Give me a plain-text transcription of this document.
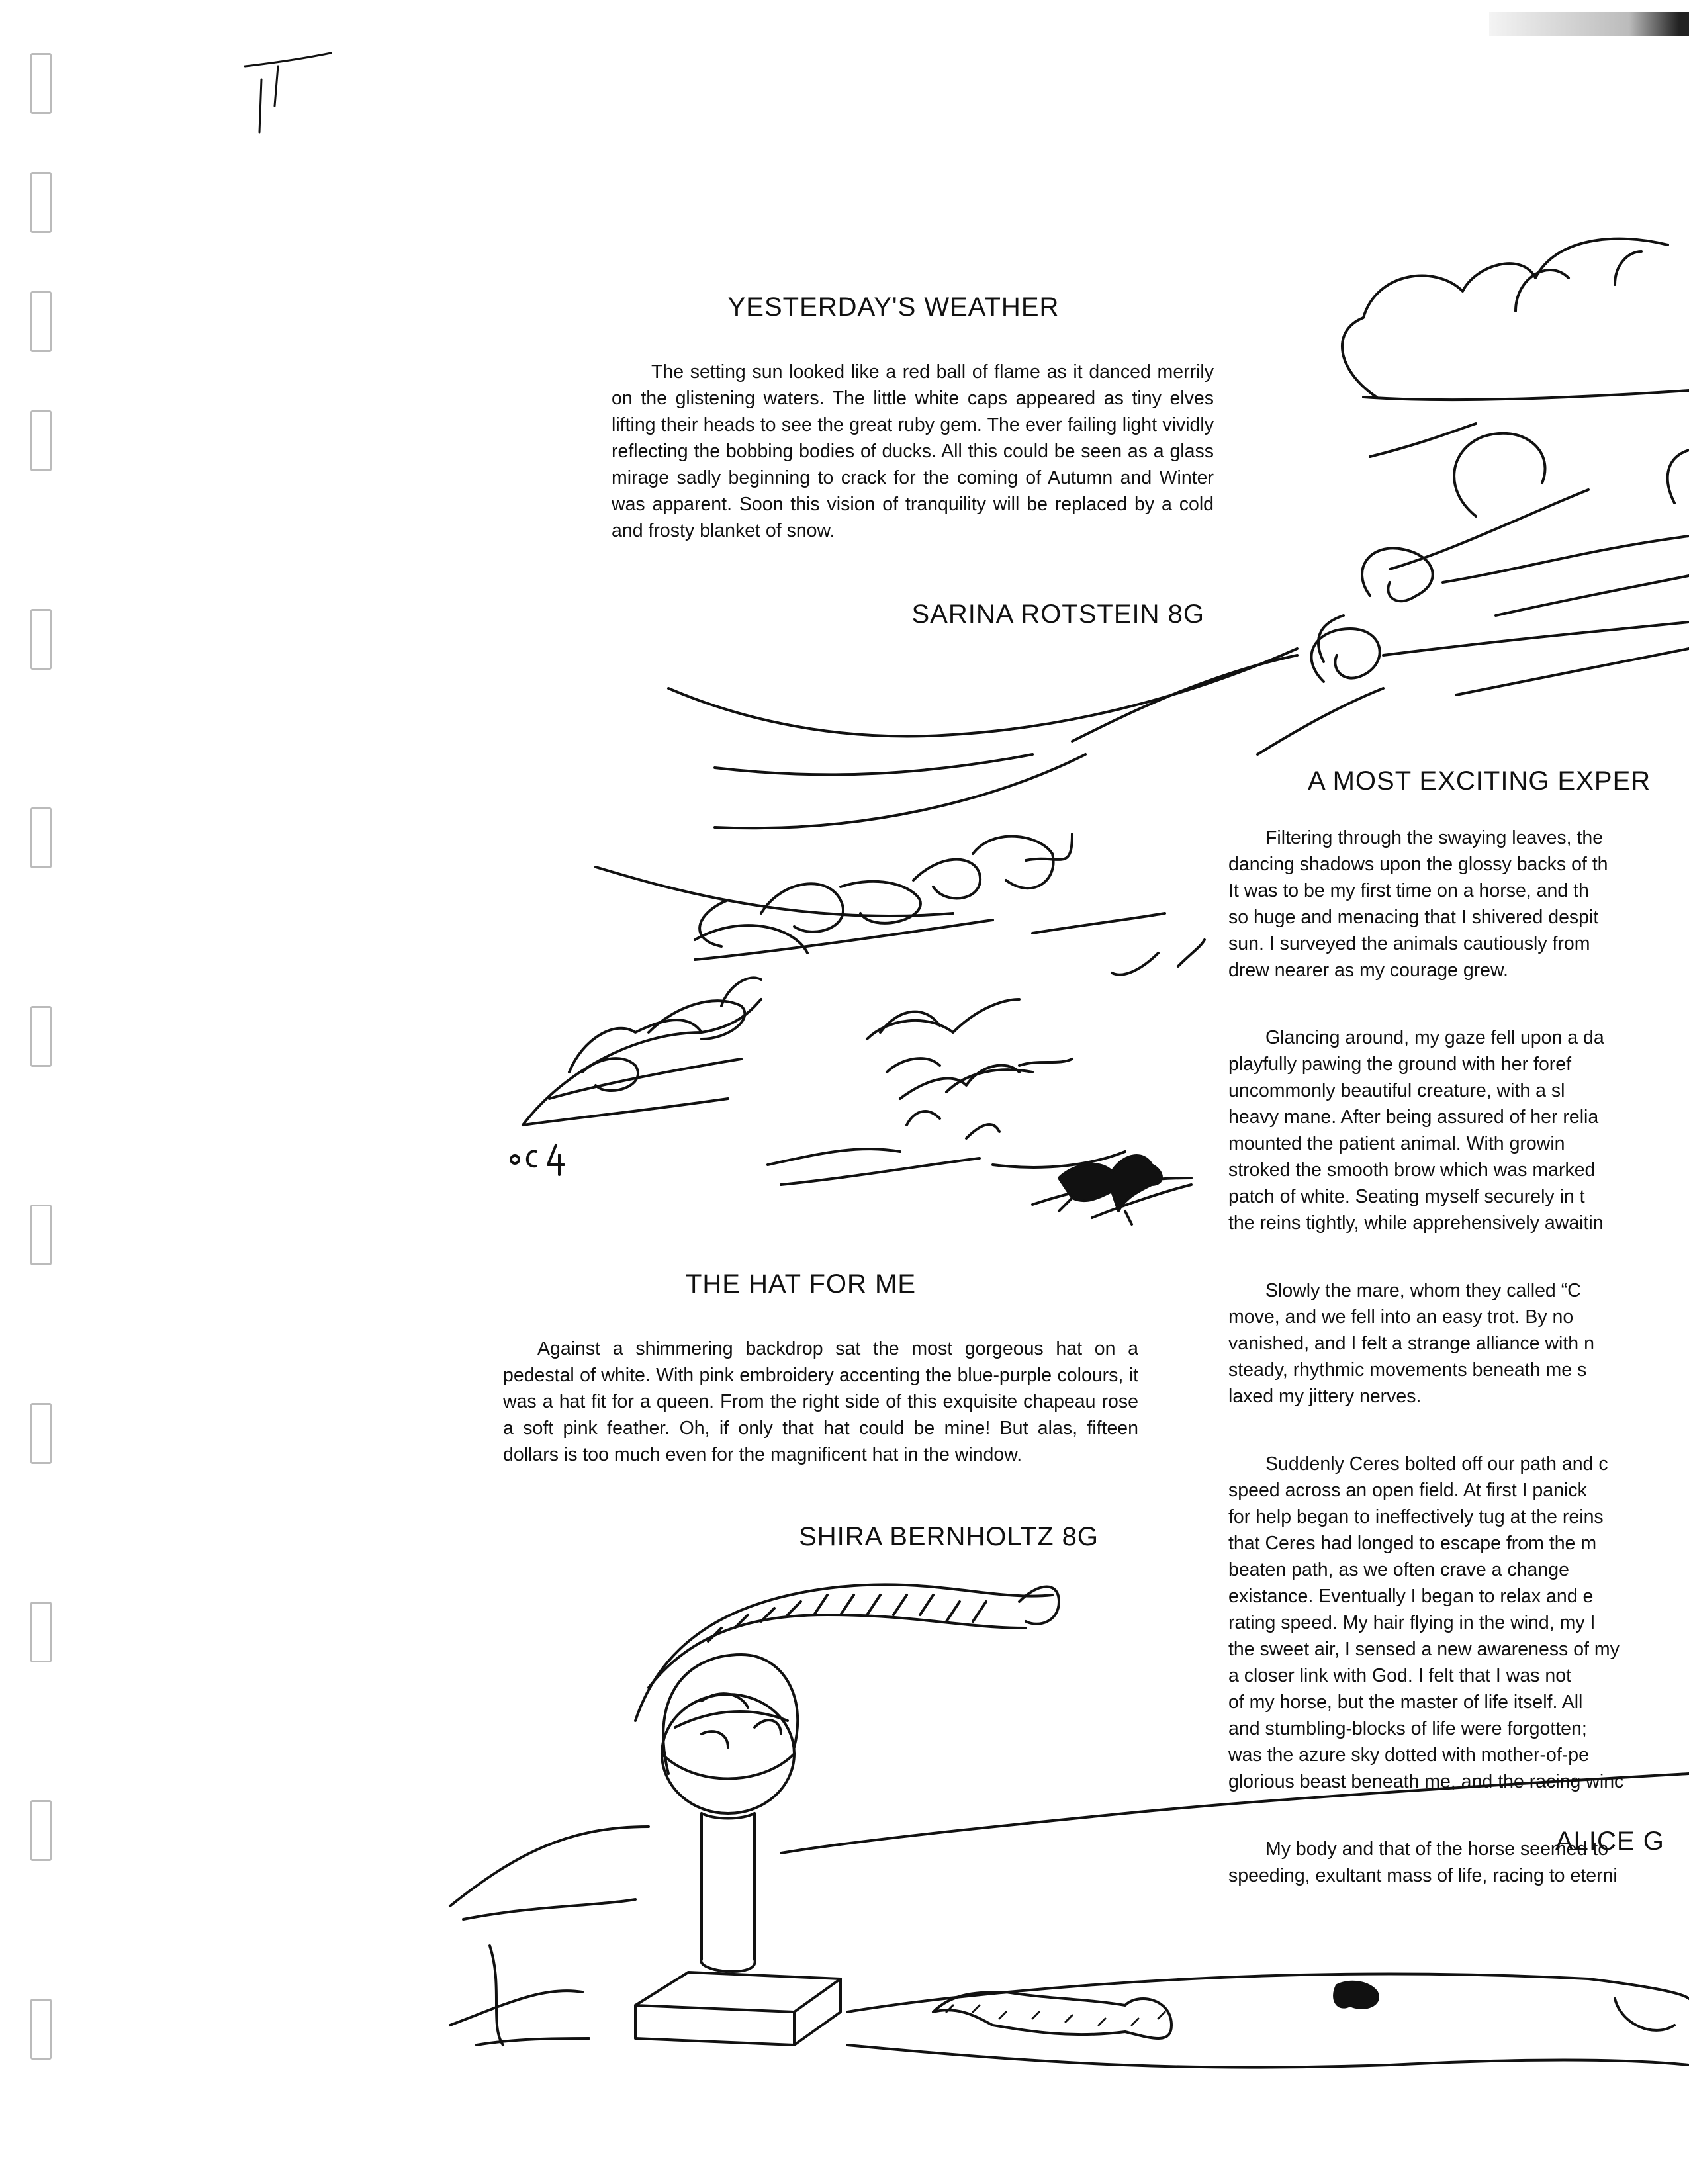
YESTERDAY'S WEATHER

The setting sun looked like a red ball of flame as it danced merrily on the glistening waters. The little white caps appeared as tiny elves lifting their heads to see the great ruby gem. The ever failing light vividly reflecting the bobbing bodies of ducks. All this could be seen as a glass mirage sadly beginning to crack for the coming of Autumn and Winter was apparent. Soon this vision of tranquility will be replaced by a cold and frosty blanket of snow.

SARINA ROTSTEIN 8G
A MOST EXCITING EXPER
Filtering through the swaying leaves, the
dancing shadows upon the glossy backs of th
It was to be my first time on a horse, and th
so huge and menacing that I shivered despit
sun. I surveyed the animals cautiously from
drew nearer as my courage grew.
Glancing around, my gaze fell upon a da
playfully pawing the ground with her foref
uncommonly beautiful creature, with a sl
heavy mane. After being assured of her relia
mounted the patient animal. With growin
stroked the smooth brow which was marked
patch of white. Seating myself securely in t
the reins tightly, while apprehensively awaitin
Slowly the mare, whom they called “C
move, and we fell into an easy trot. By no
vanished, and I felt a strange alliance with n
steady, rhythmic movements beneath me s
laxed my jittery nerves.
Suddenly Ceres bolted off our path and c
speed across an open field. At first I panick
for help began to ineffectively tug at the reins
that Ceres had longed to escape from the m
beaten path, as we often crave a change
existance. Eventually I began to relax and e
rating speed. My hair flying in the wind, my I
the sweet air, I sensed a new awareness of my
a closer link with God. I felt that I was not
of my horse, but the master of life itself. All
and stumbling-blocks of life were forgotten;
was the azure sky dotted with mother-of-pe
glorious beast beneath me, and the racing winc
My body and that of the horse seemed to
speeding, exultant mass of life, racing to eterni
ALICE G
THE HAT FOR ME

Against a shimmering backdrop sat the most gorgeous hat on a pedestal of white. With pink embroidery accenting the blue-purple colours, it was a hat fit for a queen. From the right side of this exquisite chapeau rose a soft pink feather. Oh, if only that hat could be mine! But alas, fifteen dollars is too much even for the magnificent hat in the window.

SHIRA BERNHOLTZ 8G
